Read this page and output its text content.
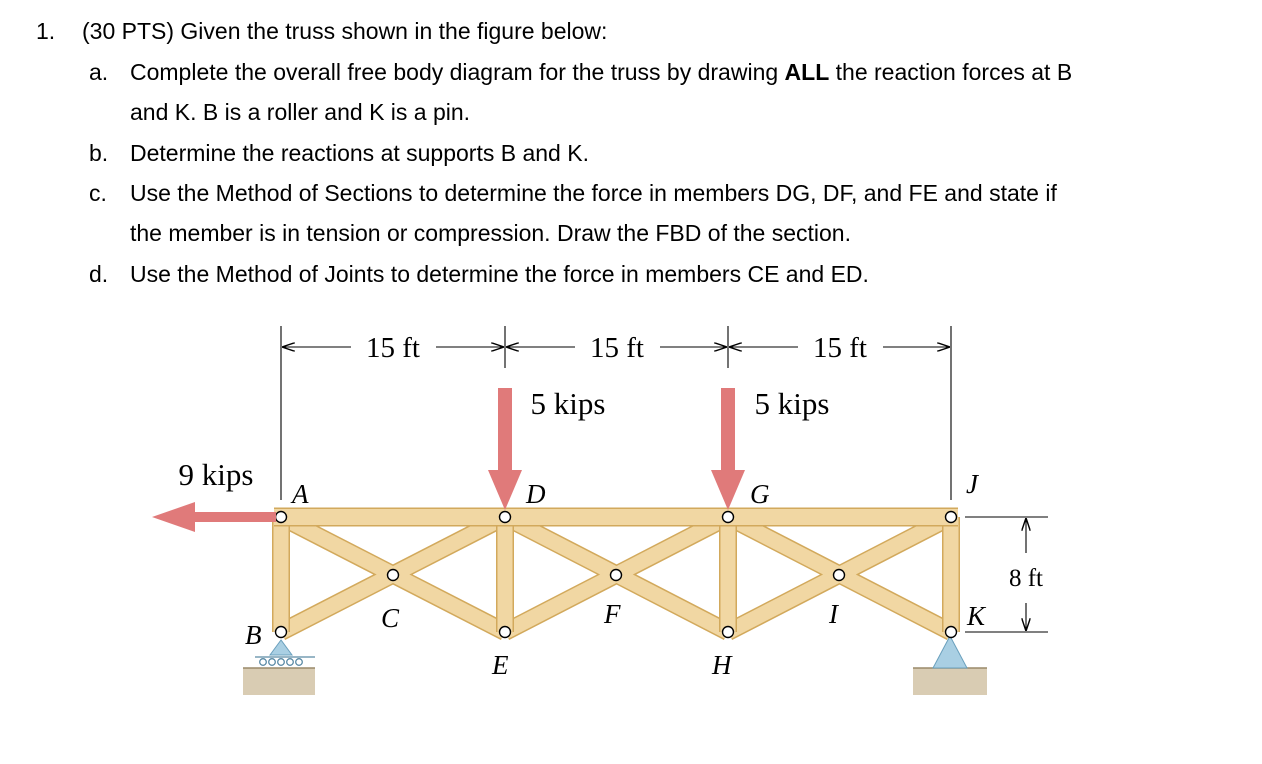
1. (30 PTS) Given the truss shown in the figure below:
a. Complete the overall free body diagram for the truss by drawing ALL the reaction forces at B
and K. B is a roller and K is a pin.
b. Determine the reactions at supports B and K.
c. Use the Method of Sections to determine the force in members DG, DF, and FE and state if
the member is in tension or compression. Draw the FBD of the section.
d. Use the Method of Joints to determine the force in members CE and ED.
15 ft	15 ft	15 ft
8 ft
9 kips
5 kips	5 kips
A	D	G	J
C	F	I
B
E	H
K
